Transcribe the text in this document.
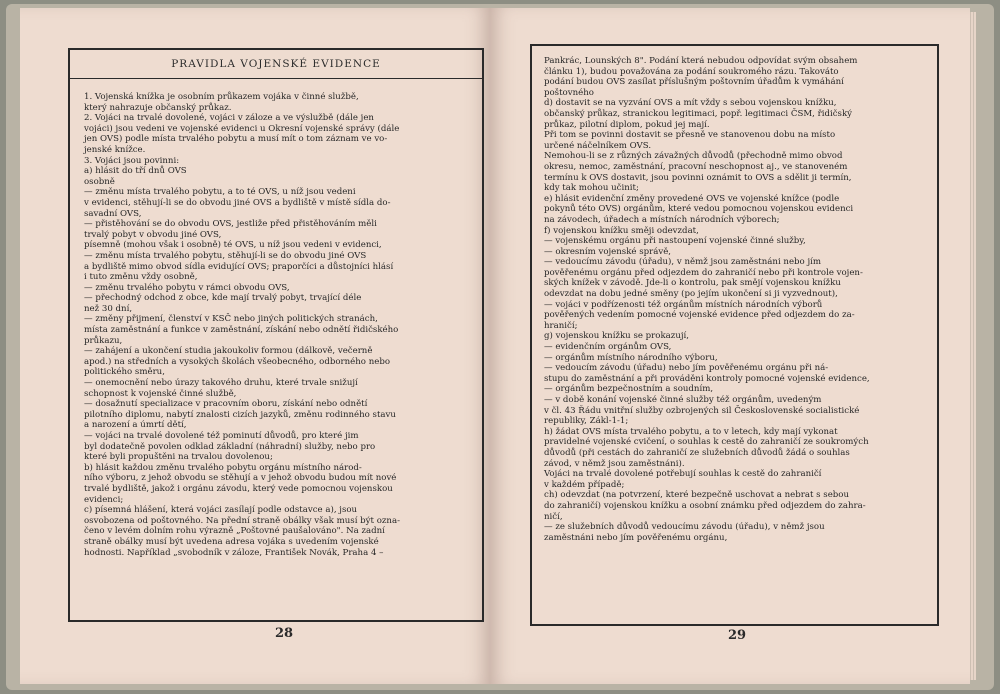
PRAVIDLA VOJENSKÉ EVIDENCE

1. Vojenská knížka je osobním průkazem vojáka v činné službě,

který nahrazuje občanský průkaz.

2. Vojáci na trvalé dovolené, vojáci v záloze a ve výslužbě (dále jen

vojáci) jsou vedeni ve vojenské evidenci u Okresní vojenské správy (dále

jen OVS) podle místa trvalého pobytu a musí mít o tom záznam ve vo-

jenské knížce.

3. Vojáci jsou povinni:

a) hlásit do tří dnů OVS

osobně

— změnu místa trvalého pobytu, a to té OVS, u níž jsou vedeni

v evidenci, stěhují-li se do obvodu jiné OVS a bydliště v místě sídla do-

savadní OVS,

— přistěhování se do obvodu OVS, jestliže před přistěhováním měli

trvalý pobyt v obvodu jiné OVS,

písemně (mohou však i osobně) té OVS, u níž jsou vedeni v evidenci,

— změnu místa trvalého pobytu, stěhují-li se do obvodu jiné OVS

a bydliště mimo obvod sídla evidující OVS; praporčíci a důstojníci hlásí

i tuto změnu vždy osobně,

— změnu trvalého pobytu v rámci obvodu OVS,

— přechodný odchod z obce, kde mají trvalý pobyt, trvající déle

než 30 dní,

— změny přijmení, členství v KSČ nebo jiných politických stranách,

místa zaměstnání a funkce v zaměstnání, získání nebo odnětí řidičského

průkazu,

— zahájení a ukončení studia jakoukoliv formou (dálkově, večerně

apod.) na středních a vysokých školách všeobecného, odborného nebo

politického směru,

— onemocnění nebo úrazy takového druhu, které trvale snižují

schopnost k vojenské činné službě,

— dosažnutí specializace v pracovním oboru, získání nebo odnětí

pilotního diplomu, nabytí znalosti cizích jazyků, změnu rodinného stavu

a narození a úmrtí dětí,

— vojáci na trvalé dovolené též pominutí důvodů, pro které jim

byl dodatečně povolen odklad základní (náhradní) služby, nebo pro

které byli propuštěni na trvalou dovolenou;

b) hlásit každou změnu trvalého pobytu orgánu místního národ-

ního výboru, z jehož obvodu se stěhují a v jehož obvodu budou mít nové

trvalé bydliště, jakož i orgánu závodu, který vede pomocnou vojenskou

evidenci;

c) písemná hlášení, která vojáci zasílají podle odstavce a), jsou

osvobozena od poštovného. Na přední straně obálky však musí být ozna-

čeno v levém dolním rohu výrazně „Poštovné paušalováno". Na zadní

straně obálky musí být uvedena adresa vojáka s uvedením vojenské

hodnosti. Například „svobodník v záloze, František Novák, Praha 4 –

28

Pankrác, Lounských 8". Podání která nebudou odpovídat svým obsahem

článku 1), budou považována za podání soukromého rázu. Takováto

podání budou OVS zasílat příslušným poštovním úřadům k vymáhání

poštovného

d) dostavit se na vyzvání OVS a mít vždy s sebou vojenskou knížku,

občanský průkaz, stranickou legitimaci, popř. legitimaci ČSM, řidičský

průkaz, pilotní diplom, pokud jej mají.

Při tom se povinni dostavit se přesně ve stanovenou dobu na místo

určené náčelníkem OVS.

Nemohou-li se z různých závažných důvodů (přechodně mimo obvod

okresu, nemoc, zaměstnání, pracovní neschopnost aj., ve stanoveném

termínu k OVS dostavit, jsou povinni oznámit to OVS a sdělit ji termín,

kdy tak mohou učinit;

e) hlásit evidenční změny provedené OVS ve vojenské knížce (podle

pokynů této OVS) orgánům, které vedou pomocnou vojenskou evidenci

na závodech, úřadech a místních národních výborech;

f) vojenskou knížku směji odevzdat,

— vojenskému orgánu při nastoupení vojenské činné služby,

— okresním vojenské správě,

— vedoucímu závodu (úřadu), v němž jsou zaměstnáni nebo jím

pověřenému orgánu před odjezdem do zahraničí nebo při kontrole vojen-

ských knížek v závodě. Jde-li o kontrolu, pak smějí vojenskou knížku

odevzdat na dobu jedné směny (po jejím ukončení si ji vyzvednout),

— vojáci v podřízenosti též orgánům místních národních výborů

pověřených vedením pomocné vojenské evidence před odjezdem do za-

hraničí;

g) vojenskou knížku se prokazují,

— evidenčním orgánům OVS,

— orgánům místního národního výboru,

— vedoucím závodu (úřadu) nebo jím pověřenému orgánu při ná-

stupu do zaměstnání a při prováděni kontroly pomocné vojenské evidence,

— orgánům bezpečnostním a soudním,

— v době konání vojenské činné služby též orgánům, uvedeným

v čl. 43 Řádu vnitřní služby ozbrojených sil Československé socialistické

republiky, Zákl-1-1;

h) žádat OVS místa trvalého pobytu, a to v letech, kdy mají vykonat

pravidelné vojenské cvičení, o souhlas k cestě do zahraničí ze soukromých

důvodů (při cestách do zahraničí ze služebních důvodů žádá o souhlas

závod, v němž jsou zaměstnáni).

Vojáci na trvalé dovolené potřebují souhlas k cestě do zahraničí

v každém případě;

ch) odevzdat (na potvrzení, které bezpečně uschovat a nebrat s sebou

do zahraničí) vojenskou knížku a osobní známku před odjezdem do zahra-

ničí,

— ze služebních důvodů vedoucímu závodu (úřadu), v němž jsou

zaměstnáni nebo jím pověřenému orgánu,

29
